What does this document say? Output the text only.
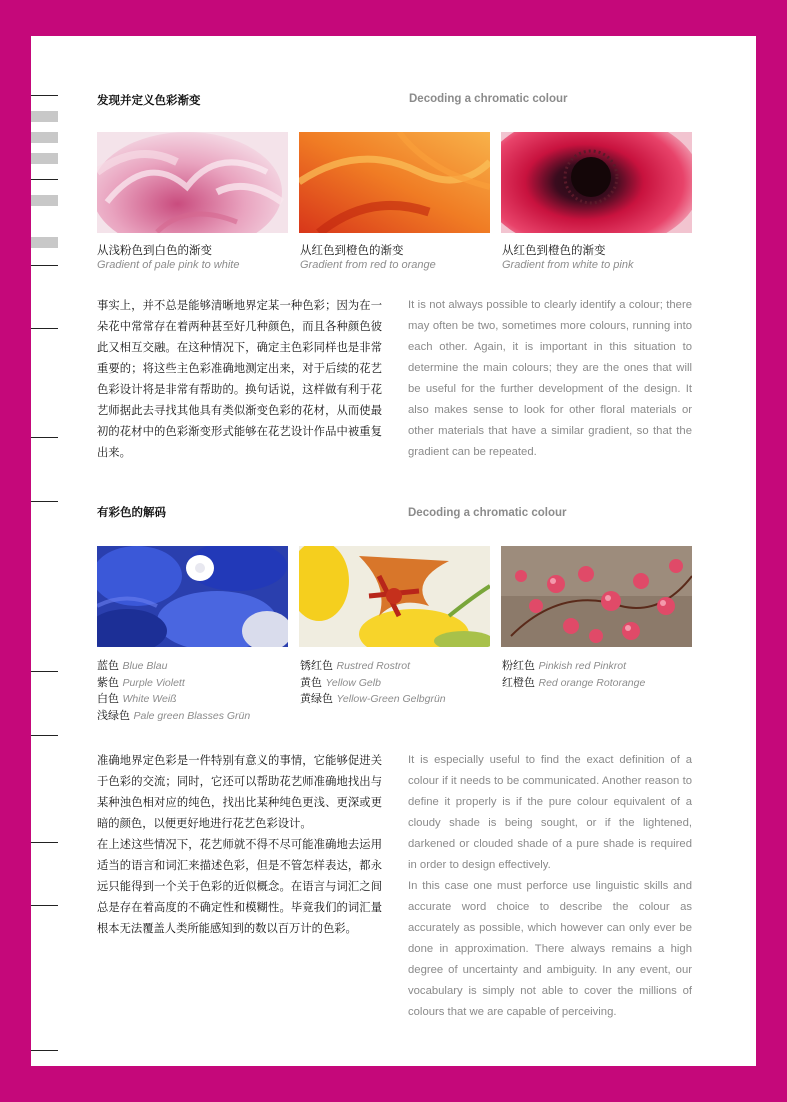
发现并定义色彩渐变	Decoding a chromatic colour
从浅粉色到白色的渐变
Gradient of pale pink to white
从红色到橙色的渐变
Gradient from red to orange
从红色到橙色的渐变
Gradient from white to pink
事实上，并不总是能够清晰地界定某一种色彩；因为在一朵花中常常存在着两种甚至好几种颜色，而且各种颜色彼此又相互交融。在这种情况下，确定主色彩同样也是非常重要的；将这些主色彩准确地测定出来，对于后续的花艺色彩设计将是非常有帮助的。换句话说，这样做有利于花艺师据此去寻找其他具有类似渐变色彩的花材，从而使最初的花材中的色彩渐变形式能够在花艺设计作品中被重复出来。
It is not always possible to clearly identify a colour; there may often be two, sometimes more colours, running into each other. Again, it is important in this situation to determine the main colours; they are the ones that will be useful for the further development of the design. It also makes sense to look for other floral materials or other materials that have a similar gradient, so that the gradient can be repeated.
有彩色的解码	Decoding a chromatic colour
蓝色 Blue Blau
紫色 Purple Violett
白色 White Weiß
浅绿色 Pale green Blasses Grün
锈红色 Rustred Rostrot
黄色 Yellow Gelb
黄绿色 Yellow-Green Gelbgrün
粉红色 Pinkish red Pinkrot
红橙色 Red orange Rotorange

准确地界定色彩是一件特别有意义的事情，它能够促进关于色彩的交流；同时，它还可以帮助花艺师准确地找出与某种浊色相对应的纯色，找出比某种纯色更浅、更深或更暗的颜色，以便更好地进行花艺色彩设计。

在上述这些情况下，花艺师就不得不尽可能准确地去运用适当的语言和词汇来描述色彩，但是不管怎样表达，都永远只能得到一个关于色彩的近似概念。在语言与词汇之间总是存在着高度的不确定性和模糊性。毕竟我们的词汇量根本无法覆盖人类所能感知到的数以百万计的色彩。

It is especially useful to find the exact definition of a colour if it needs to be communicated. Another reason to define it properly is if the pure colour equivalent of a cloudy shade is being sought, or if the lightened, darkened or clouded shade of a pure shade is required in order to design effectively.

In this case one must perforce use linguistic skills and accurate word choice to describe the colour as accurately as possible, which however can only ever be done in approximation. There always remains a high degree of uncertainty and ambiguity. In any event, our vocabulary is simply not able to cover the millions of colours that we are capable of perceiving.
